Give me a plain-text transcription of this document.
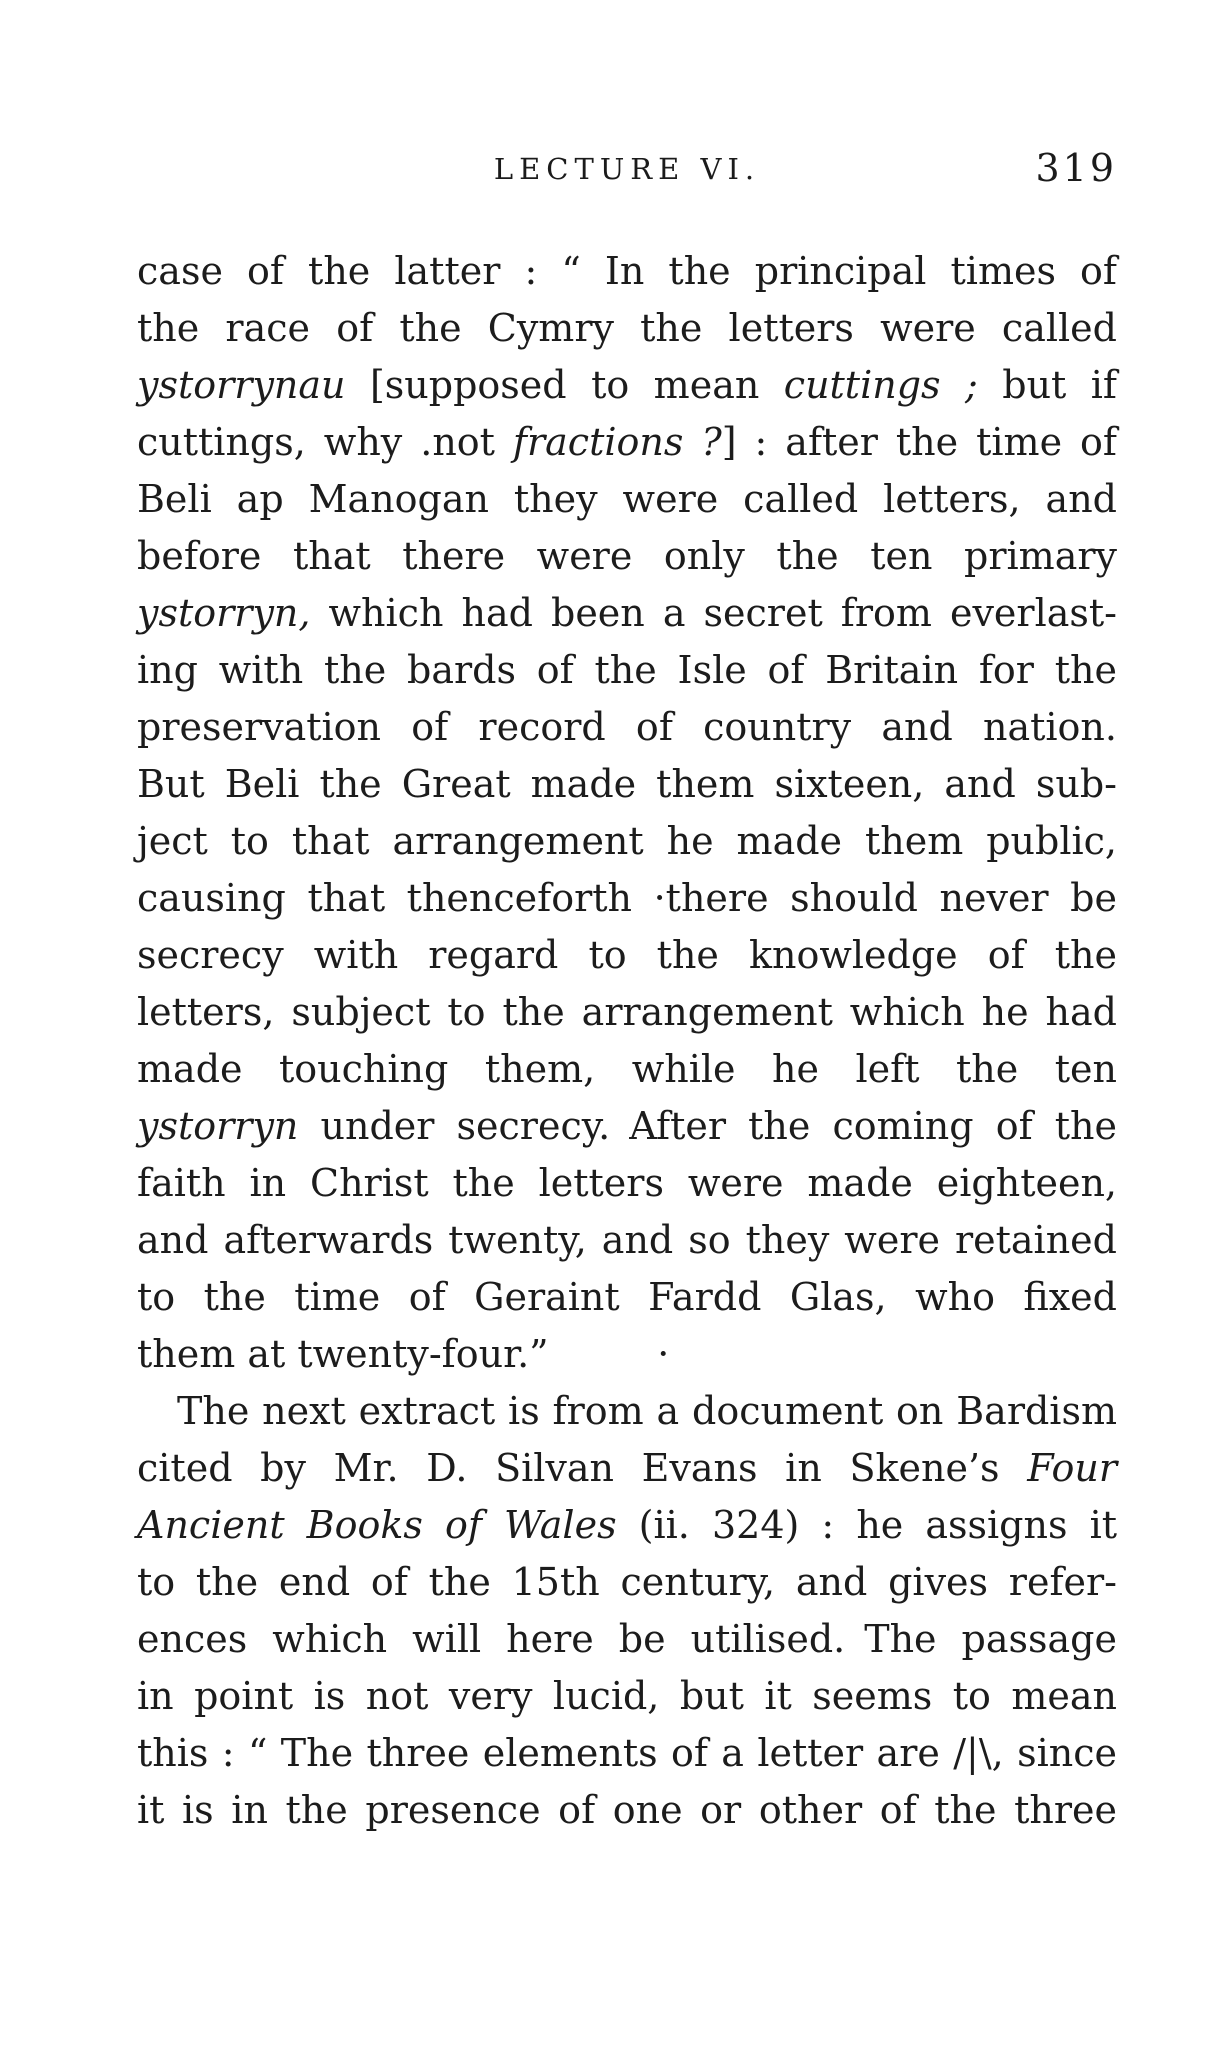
LECTURE VI.	319
case of the latter : “ In the principal times of
the race of the Cymry the letters were called
ystorrynau [supposed to mean cuttings ; but if
cuttings, why .not fractions ?] : after the time of
Beli ap Manogan they were called letters, and
before that there were only the ten primary
ystorryn, which had been a secret from everlast-
ing with the bards of the Isle of Britain for the
preservation of record of country and nation.
But Beli the Great made them sixteen, and sub-
ject to that arrangement he made them public,
causing that thenceforth ·there should never be
secrecy with regard to the knowledge of the
letters, subject to the arrangement which he had
made touching them, while he left the ten
ystorryn under secrecy. After the coming of the
faith in Christ the letters were made eighteen,
and afterwards twenty, and so they were retained
to the time of Geraint Fardd Glas, who fixed
them at twenty-four.”         ·
The next extract is from a document on Bardism
cited by Mr. D. Silvan Evans in Skene’s Four
Ancient Books of Wales (ii. 324) : he assigns it
to the end of the 15th century, and gives refer-
ences which will here be utilised. The passage
in point is not very lucid, but it seems to mean
this : “ The three elements of a letter are /|\, since
it is in the presence of one or other of the three
